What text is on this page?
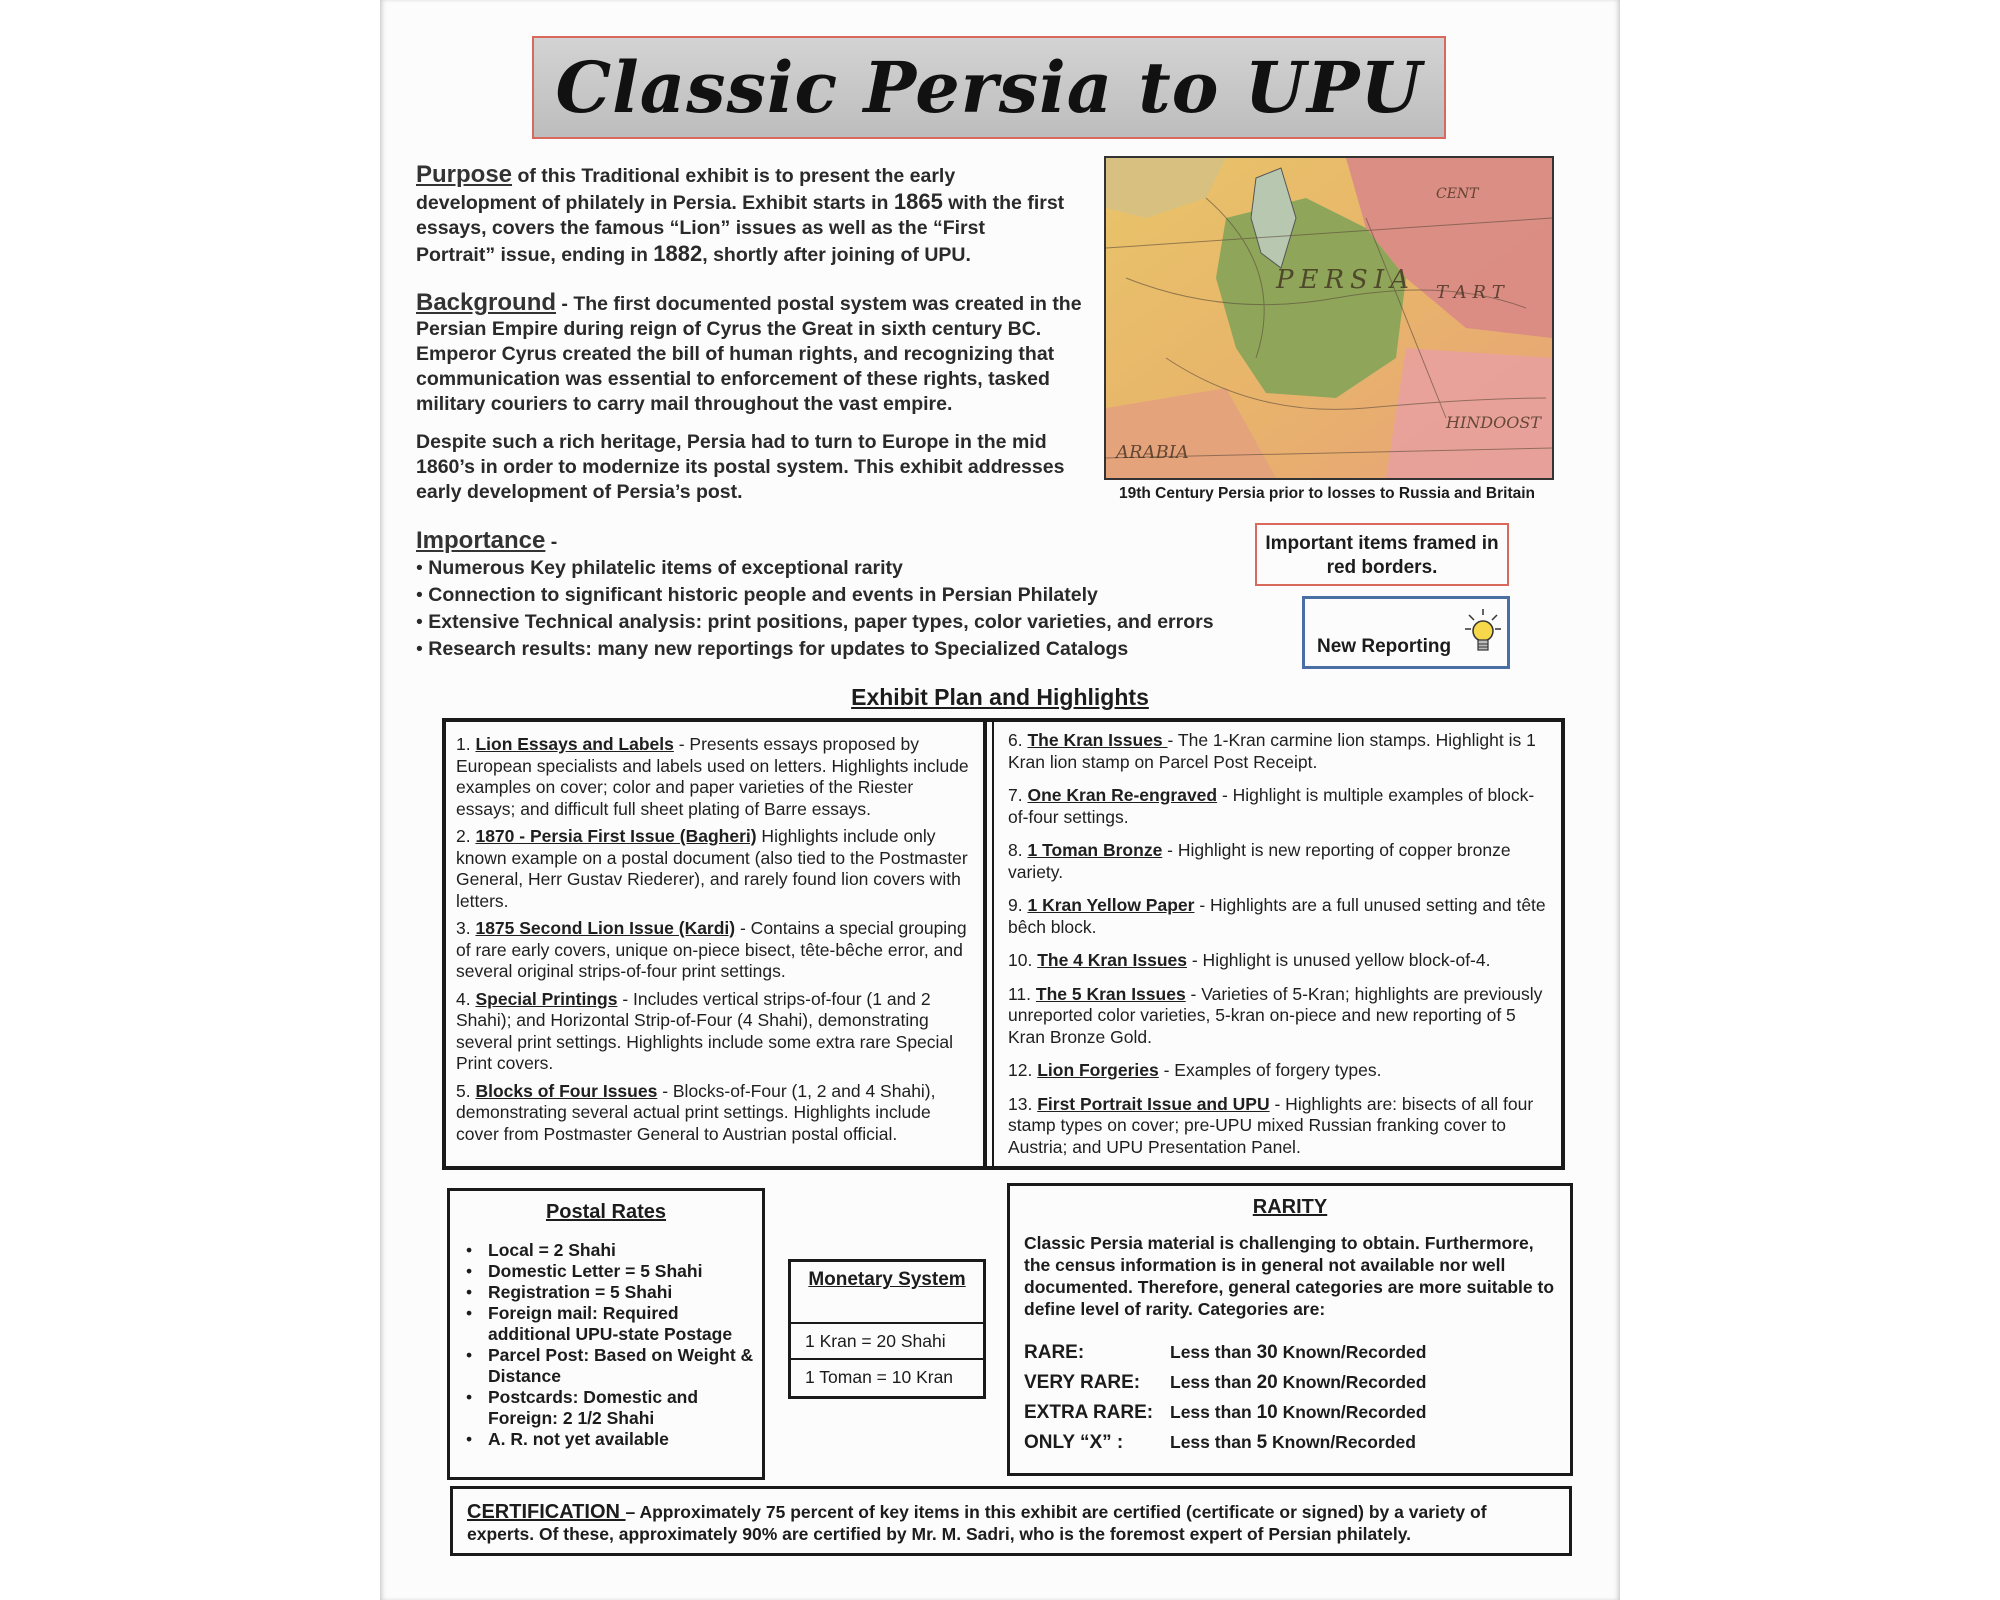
Classic Persia to UPU
Purpose of this Traditional exhibit is to present the early development of philately in Persia. Exhibit starts in 1865 with the first essays, covers the famous “Lion” issues as well as the “First Portrait” issue, ending in 1882, shortly after joining of UPU.
Background - The first documented postal system was created in the Persian Empire during reign of Cyrus the Great in sixth century BC. Emperor Cyrus created the bill of human rights, and recognizing that communication was essential to enforcement of these rights, tasked military couriers to carry mail throughout the vast empire.
Despite such a rich heritage, Persia had to turn to Europe in the mid 1860’s in order to modernize its postal system. This exhibit addresses early development of Persia’s post.
PERSIA T A R T
HINDOOST
ARABIA
CENT
19th Century Persia prior to losses to Russia and Britain
Importance -
• Numerous Key philatelic items of exceptional rarity
• Connection to significant historic people and events in Persian Philately
• Extensive Technical analysis: print positions, paper types, color varieties, and errors
• Research results: many new reportings for updates to Specialized Catalogs
Important items framed in red borders.
New Reporting
Exhibit Plan and Highlights

1. Lion Essays and Labels - Presents essays proposed by European specialists and labels used on letters. Highlights include examples on cover; color and paper varieties of the Riester essays; and difficult full sheet plating of Barre essays.

2. 1870 - Persia First Issue (Bagheri) Highlights include only known example on a postal document (also tied to the Postmaster General, Herr Gustav Riederer), and rarely found lion covers with letters.

3. 1875 Second Lion Issue (Kardi) - Contains a special grouping of rare early covers, unique on-piece bisect, tête-bêche error, and several original strips-of-four print settings.

4. Special Printings - Includes vertical strips-of-four (1 and 2 Shahi); and Horizontal Strip-of-Four (4 Shahi), demonstrating several print settings. Highlights include some extra rare Special Print covers.

5. Blocks of Four Issues - Blocks-of-Four (1, 2 and 4 Shahi), demonstrating several actual print settings. Highlights include cover from Postmaster General to Austrian postal official.

6. The Kran Issues - The 1-Kran carmine lion stamps. Highlight is 1 Kran lion stamp on Parcel Post Receipt.

7. One Kran Re-engraved - Highlight is multiple examples of block-of-four settings.

8. 1 Toman Bronze - Highlight is new reporting of copper bronze variety.

9. 1 Kran Yellow Paper - Highlights are a full unused setting and tête bêch block.

10. The 4 Kran Issues - Highlight is unused yellow block-of-4.

11. The 5 Kran Issues - Varieties of 5-Kran; highlights are previously unreported color varieties, 5-kran on-piece and new reporting of 5 Kran Bronze Gold.

12. Lion Forgeries - Examples of forgery types.

13. First Portrait Issue and UPU - Highlights are: bisects of all four stamp types on cover; pre-UPU mixed Russian franking cover to Austria; and UPU Presentation Panel.

Postal Rates
• Local = 2 Shahi
• Domestic Letter = 5 Shahi
• Registration = 5 Shahi
• Foreign mail: Required additional UPU-state Postage
• Parcel Post: Based on Weight & Distance
• Postcards: Domestic and Foreign: 2 1/2 Shahi
• A. R. not yet available
Monetary System
1 Kran = 20 Shahi
1 Toman = 10 Kran
RARITY
Classic Persia material is challenging to obtain. Furthermore, the census information is in general not available nor well documented. Therefore, general categories are more suitable to define level of rarity. Categories are:
RARE:	Less than 30 Known/Recorded
VERY RARE:	Less than 20 Known/Recorded
EXTRA RARE:	Less than 10 Known/Recorded
ONLY “X” :	Less than 5 Known/Recorded
CERTIFICATION – Approximately 75 percent of key items in this exhibit are certified (certificate or signed) by a variety of experts. Of these, approximately 90% are certified by Mr. M. Sadri, who is the foremost expert of Persian philately.
